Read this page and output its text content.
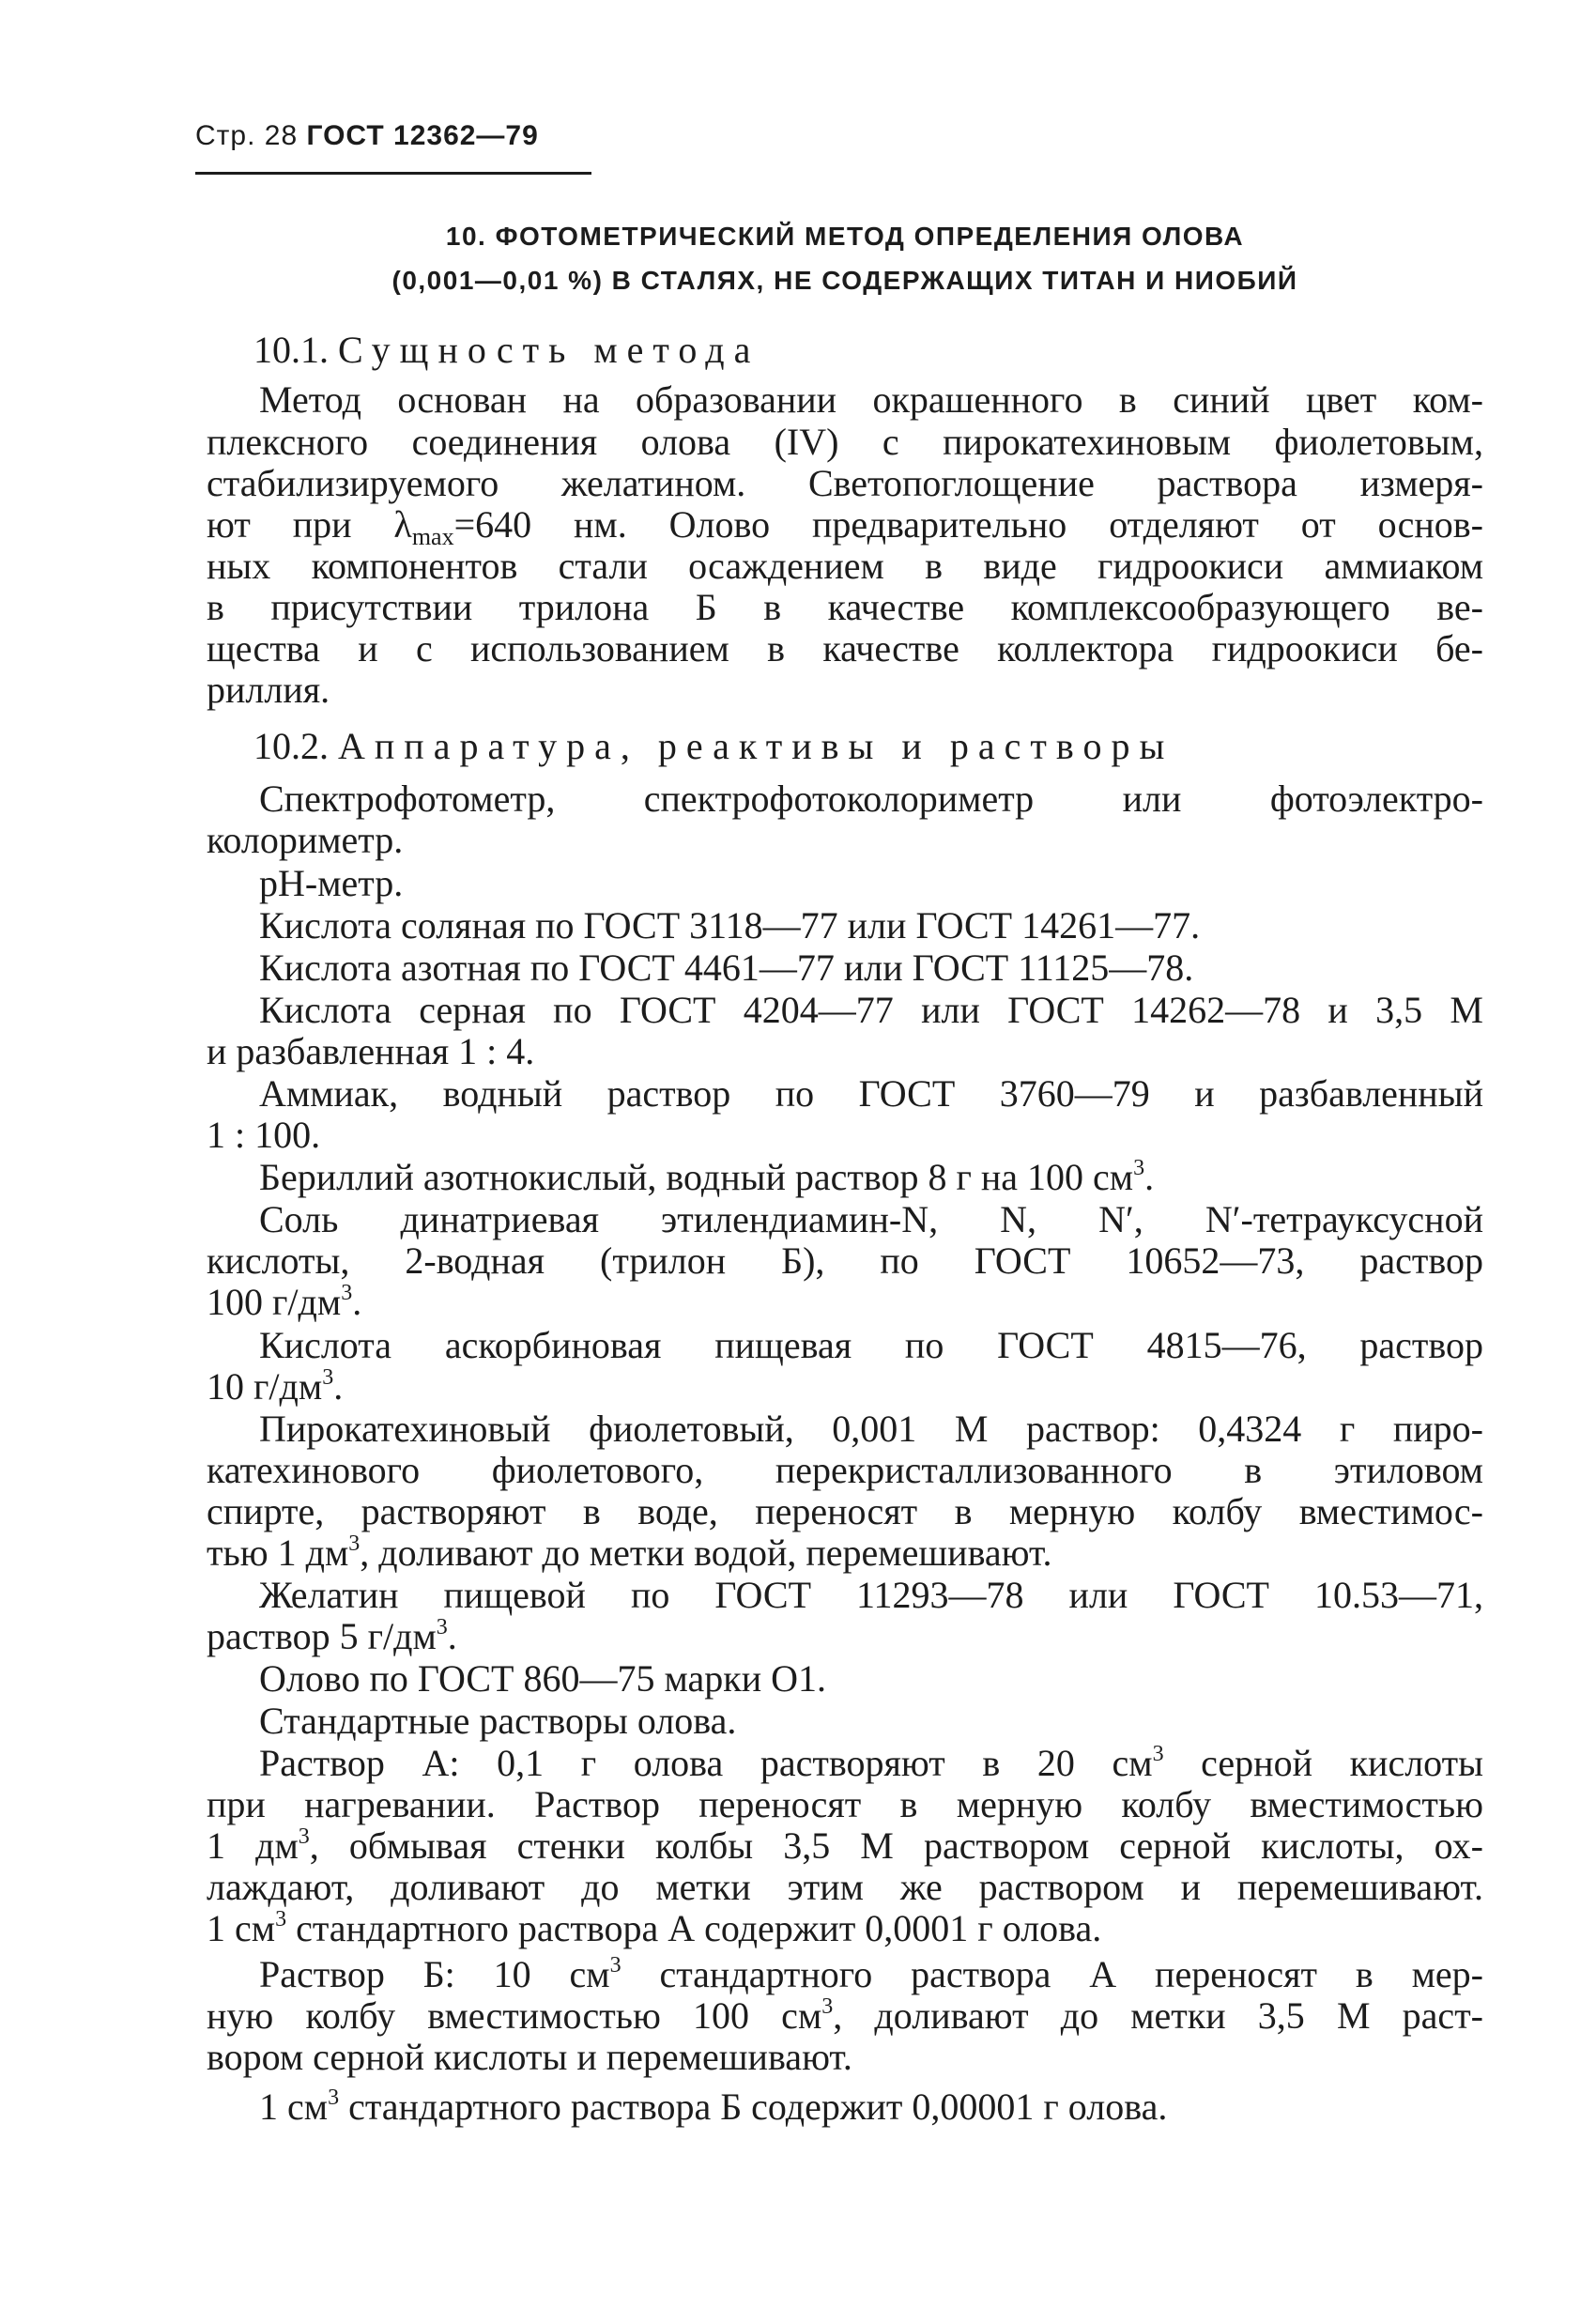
Стр. 28 ГОСТ 12362—79
10. ФОТОМЕТРИЧЕСКИЙ МЕТОД ОПРЕДЕЛЕНИЯ ОЛОВА
(0,001—0,01 %) В СТАЛЯХ, НЕ СОДЕРЖАЩИХ ТИТАН И НИОБИЙ
10.1. Сущность метода
Метод основан на образовании окрашенного в синий цвет ком-
плексного соединения олова (IV) с пирокатехиновым фиолетовым,
стабилизируемого желатином. Светопоглощение раствора измеря-
ют при $\lambda_{max}=640$ нм. Олово предварительно отделяют от основ-
ных компонентов стали осаждением в виде гидроокиси аммиаком
в присутствии трилона Б в качестве комплексообразующего ве-
щества и с использованием в качестве коллектора гидроокиси бе-
риллия.
10.2. Аппаратура, реактивы и растворы
Спектрофотометр, спектрофотоколориметр или фотоэлектро-
колориметр.
рН-метр.
Кислота соляная по ГОСТ 3118—77 или ГОСТ 14261—77.
Кислота азотная по ГОСТ 4461—77 или ГОСТ 11125—78.
Кислота серная по ГОСТ 4204—77 или ГОСТ 14262—78 и 3,5 М
и разбавленная 1 : 4.
Аммиак, водный раствор по ГОСТ 3760—79 и разбавленный
1 : 100.
Бериллий азотнокислый, водный раствор 8 г на 100 $см^3$.
Соль динатриевая этилендиамин-N, N, N′, N′-тетрауксусной
кислоты, 2-водная (трилон Б), по ГОСТ 10652—73, раствор
100 $г/дм^3$.
Кислота аскорбиновая пищевая по ГОСТ 4815—76, раствор
10 $г/дм^3$.
Пирокатехиновый фиолетовый, 0,001 М раствор: 0,4324 г пиро-
катехинового фиолетового, перекристаллизованного в этиловом
спирте, растворяют в воде, переносят в мерную колбу вместимос-
тью 1 $дм^3$, доливают до метки водой, перемешивают.
Желатин пищевой по ГОСТ 11293—78 или ГОСТ 10.53—71,
раствор 5 $г/дм^3$.
Олово по ГОСТ 860—75 марки О1.
Стандартные растворы олова.
Раствор А: 0,1 г олова растворяют в 20 $см^3$ серной кислоты
при нагревании. Раствор переносят в мерную колбу вместимостью
1 $дм^3$, обмывая стенки колбы 3,5 М раствором серной кислоты, ох-
лаждают, доливают до метки этим же раствором и перемешивают.
1 $см^3$ стандартного раствора А содержит 0,0001 г олова.
Раствор Б: 10 $см^3$ стандартного раствора А переносят в мер-
ную колбу вместимостью 100 $см^3$, доливают до метки 3,5 М раст-
вором серной кислоты и перемешивают.
1 $см^3$ стандартного раствора Б содержит 0,00001 г олова.
